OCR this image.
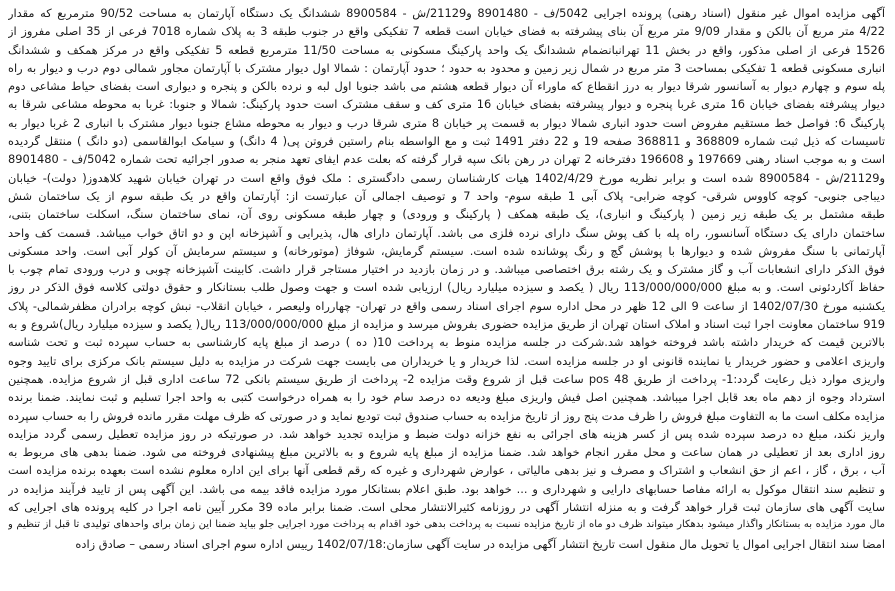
آگهی مزایده اموال غیر منقول (اسناد رهنی) پرونده اجرایی 5042/ف - 8901480 و21129/ش - 8900584 ششدانگ یک دستگاه آپارتمان به مساحت 90/52 مترمربع که مقدار
4/22 متر مربع آن بالکن و مقدار 9/09 متر مربع آن بنای پیشرفته به فضای خیابان است قطعه 7 تفکیکی واقع در جنوب طبقه 3 به پلاک شماره 7018 فرعی از 35 اصلی مفروز از
1526 فرعی از اصلی مذکور، واقع در بخش 11 تهرانبانضمام ششدانگ یک واحد پارکینگ مسکونی به مساحت 11/50 مترمربع قطعه 5 تفکیکی واقع در مرکز همکف و ششدانگ
انباری مسکونی قطعه 1 تفکیکی بمساحت 3 متر مربع در شمال زیر زمین و محدود به حدود ؛ حدود آپارتمان : شمالا اول دیوار مشترک با آپارتمان مجاور شمالی دوم درب و دیوار به راه
پله سوم و چهارم دیوار به آسانسور شرقا دیوار به درز انقطاع که ماوراء آن دیوار قطعه هشتم می باشد جنوبا اول لبه و نرده بالکن و پنجره و دیواری است بفضای حیاط مشاعی دوم
دیوار پیشرفته بفضای خیابان 16 متری غربا پنجره و دیوار پیشرفته بفضای خیابان 16 متری کف و سقف مشترک است حدود پارکینگ: شمالا و جنوبا: غربا به محوطه مشاعی شرقا به
پارکینگ 6: فواصل خط مستقیم مفروض است حدود انباری شمالا دیوار به قسمت پر خیابان 8 متری شرقا درب و دیوار به محوطه مشاع جنوبا دیوار مشترک با انباری 2 غربا دیوار به
تاسیسات که ذیل ثبت شماره 368809 و 368811 صفحه 19 و 22 دفتر 1491 ثبت و مع الواسطه بنام راستین فروتن پی( 4 دانگ) و سیامک ابوالقاسمی (دو دانگ ) منتقل گردیده
است و به موجب اسناد رهنی 197669 و 196608 دفترخانه 2 تهران در رهن بانک سپه قرار گرفته که بعلت عدم ایفای تعهد منجر به صدور اجرائیه تحت شماره 5042/ف - 8901480
و21129/ش - 8900584 شده است و برابر نظریه مورخ 1402/4/29 هیات کارشناسان رسمی دادگستری : ملک فوق واقع است در تهران خیابان شهید کلاهدوز( دولت)- خیابان
دیباجی جنوبی- کوچه کاووس شرقی- کوچه ضرابی- پلاک آبی 1 طبقه سوم- واحد 7 و توصیف اجمالی آن عبارتست از: آپارتمان واقع در یک طبقه سوم از یک ساختمان شش
طبقه مشتمل بر یک طبقه زیر زمین ( پارکینگ و انباری)، یک طبقه همکف ( پارکینگ و ورودی) و چهار طبقه مسکونی روی آن، نمای ساختمان سنگ، اسکلت ساختمان بتنی،
ساختمان دارای یک دستگاه آسانسور، راه پله با کف پوش سنگ دارای نرده فلزی می باشد. آپارتمان دارای هال، پذیرایی و آشپزخانه اپن و دو اتاق خواب میباشد. قسمت کف واحد
آپارتمانی با سنگ مفروش شده و دیوارها با پوشش گچ و رنگ پوشانده شده است. سیستم گرمایش، شوفاژ (موتورخانه) و سیستم سرمایش آن کولر آبی است. واحد مسکونی
فوق الذکر دارای انشعابات آب و گاز مشترک و یک رشته برق اختصاصی میباشد. و در زمان بازدید در اختیار مستاجر قرار داشت. کابینت آشپزخانه چوبی و درب ورودی تمام چوب با
حفاظ آکاردئونی است. و به مبلغ 113/000/000/000 ریال ( یکصد و سیزده میلیارد ریال) ارزیابی شده است و جهت وصول طلب بستانکار و حقوق دولتی کلاسه فوق الذکر در روز
یکشنبه مورخ 1402/07/30 از ساعت 9 الی 12 ظهر در محل اداره سوم اجرای اسناد رسمی واقع در تهران- چهارراه ولیعصر ، خیابان انقلاب- نبش کوچه برادران مظفرشمالی- پلاک
919 ساختمان معاونت اجرا ثبت اسناد و املاک استان تهران از طریق مزایده حضوری بفروش میرسد و مزایده از مبلغ 113/000/000/000 ریال( یکصد و سیزده میلیارد ریال)شروع و به
بالاترین قیمت که خریدار داشته باشد فروخته خواهد شد.شرکت در جلسه مزایده منوط به پرداخت 10( ده ) درصد از مبلغ پایه کارشناسی به حساب سپرده ثبت و تحت شناسه
واریزی اعلامی و حضور خریدار یا نماینده قانونی او در جلسه مزایده است. لذا خریدار و یا خریداران می بایست جهت شرکت در مزایده به دلیل سیستم بانک مرکزی برای تایید وجوه
واریزی موارد ذیل رعایت گردد:1- پرداخت از طریق pos 48 ساعت قبل از شروع وقت مزایده 2- پرداخت از طریق سیستم بانکی 72 ساعت اداری قبل از شروع مزایده. همچنین
استرداد وجوه از دهم ماه بعد قابل اجرا میباشد. همچنین اصل فیش واریزی مبلغ ودیعه ده درصد سام خود را به همراه درخواست کتبی به واحد اجرا تسلیم و ثبت نمایند. ضمنا برنده
مزایده مکلف است ما به التفاوت مبلغ فروش را ظرف مدت پنج روز از تاریخ مزایده به حساب صندوق ثبت تودیع نماید و در صورتی که ظرف مهلت مقرر مانده فروش را به حساب سپرده
واریز نکند، مبلغ ده درصد سپرده شده پس از کسر هزینه های اجرائی به نفع خزانه دولت ضبط و مزایده تجدید خواهد شد. در صورتیکه در روز مزایده تعطیل رسمی گردد مزایده
روز اداری بعد از تعطیلی در همان ساعت و محل مقرر انجام خواهد شد. ضمنا مزایده از مبلغ پایه شروع و به بالاترین مبلغ پیشنهادی فروخته می شود. ضمنا بدهی های مربوط به
آب ، برق ، گاز ، اعم از حق انشعاب و اشتراک و مصرف و نیز بدهی مالیاتی ، عوارض شهرداری و غیره که رقم قطعی آنها برای این اداره معلوم نشده است بعهده برنده مزایده است
و تنظیم سند انتقال موکول به ارائه مفاصا حسابهای دارایی و شهرداری و ... خواهد بود. طبق اعلام بستانکار مورد مزایده فاقد بیمه می باشد. این آگهی پس از تایید فرآیند مزایده در
سایت آگهی های سازمان ثبت قرار خواهد گرفت و به منزله انتشار آگهی در روزنامه کثیرالانتشار محلی است. ضمنا برابر ماده 39 مکرر آیین نامه اجرا در کلیه پرونده های اجرایی که
مال مورد مزایده به بستانکار واگذار میشود بدهکار میتواند ظرف دو ماه از تاریخ مزایده نسبت به پرداخت بدهی خود اقدام به پرداخت مورد اجرایی جلو بیاید ضمنا این زمان برای واحدهای تولیدی تا قبل از تنظیم و
امضا سند انتقال اجرایی اموال یا تحویل مال منقول است تاریخ انتشار آگهی مزایده در سایت آگهی سازمان:1402/07/18 رییس اداره سوم اجرای اسناد رسمی – صادق زاده
